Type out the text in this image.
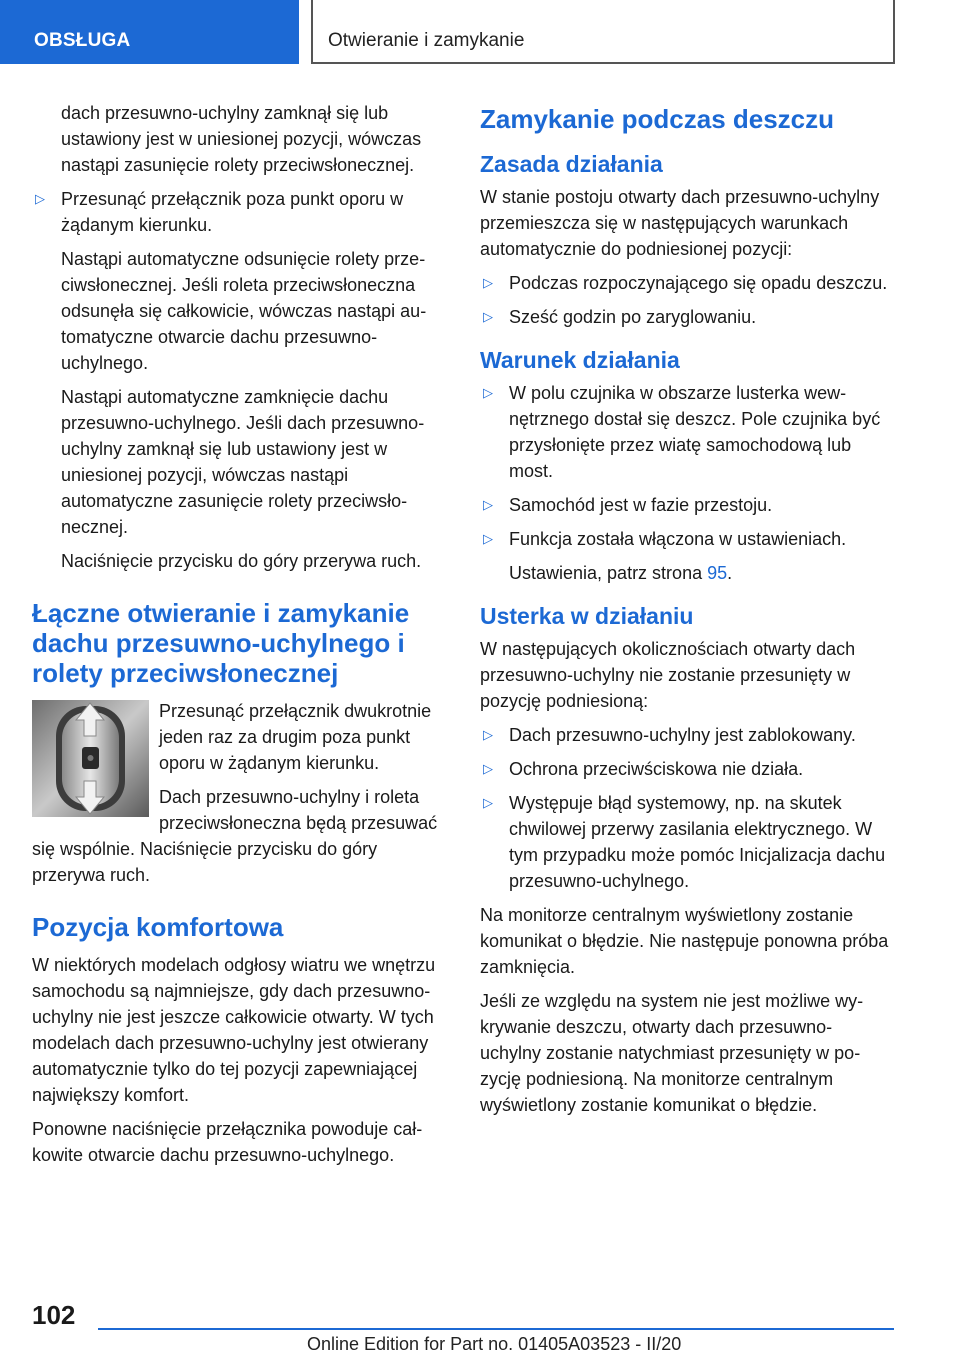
OBSŁUGA	Otwieranie i zamykanie

dach przesuwno-uchylny zamknął się lub ustawiony jest w uniesionej pozycji, wówczas nastąpi zasunięcie rolety przeciwsłonecznej.

▷ Przesunąć przełącznik poza punkt oporu w żądanym kierunku.

Nastąpi automatyczne odsunięcie rolety przeciwsłonecznej. Jeśli roleta przeciwsłoneczna odsunęła się całkowicie, wówczas nastąpi automatyczne otwarcie dachu przesuwno-uchylnego.

Nastąpi automatyczne zamknięcie dachu przesuwno-uchylnego. Jeśli dach przesuwno-uchylny zamknął się lub ustawiony jest w uniesionej pozycji, wówczas nastąpi automatyczne zasunięcie rolety przeciwsłonecznej.

Naciśnięcie przycisku do góry przerywa ruch.

Łączne otwieranie i zamykanie dachu przesuwno-uchylnego i rolety przeciwsłonecznej

Przesunąć przełącznik dwukrotnie jeden raz za drugim poza punkt oporu w żądanym kierunku.

Dach przesuwno-uchylny i roleta przeciwsłoneczna będą przesuwać się wspólnie. Naciśnięcie przycisku do góry przerywa ruch.

Pozycja komfortowa

W niektórych modelach odgłosy wiatru we wnętrzu samochodu są najmniejsze, gdy dach przesuwno-uchylny nie jest jeszcze całkowicie otwarty. W tych modelach dach przesuwno-uchylny jest otwierany automatycznie tylko do tej pozycji zapewniającej największy komfort.

Ponowne naciśnięcie przełącznika powoduje całkowite otwarcie dachu przesuwno-uchylnego.

Zamykanie podczas deszczu
Zasada działania

W stanie postoju otwarty dach przesuwno-uchylny przemieszcza się w następujących warunkach automatycznie do podniesionej pozycji:

▷ Podczas rozpoczynającego się opadu deszczu.
▷ Sześć godzin po zaryglowaniu.
Warunek działania
▷ W polu czujnika w obszarze lusterka wewnętrznego dostał się deszcz. Pole czujnika być przysłonięte przez wiatę samochodową lub most.
▷ Samochód jest w fazie przestoju.
▷ Funkcja została włączona w ustawieniach.

Ustawienia, patrz strona 95.

Usterka w działaniu

W następujących okolicznościach otwarty dach przesuwno-uchylny nie zostanie przesunięty w pozycję podniesioną:

▷ Dach przesuwno-uchylny jest zablokowany.
▷ Ochrona przeciwściskowa nie działa.
▷ Występuje błąd systemowy, np. na skutek chwilowej przerwy zasilania elektrycznego. W tym przypadku może pomóc Inicjalizacja dachu przesuwno-uchylnego.

Na monitorze centralnym wyświetlony zostanie komunikat o błędzie. Nie następuje ponowna próba zamknięcia.

Jeśli ze względu na system nie jest możliwe wykrywanie deszczu, otwarty dach przesuwno-uchylny zostanie natychmiast przesunięty w pozycję podniesioną. Na monitorze centralnym wyświetlony zostanie komunikat o błędzie.

102
Online Edition for Part no. 01405A03523 - II/20
